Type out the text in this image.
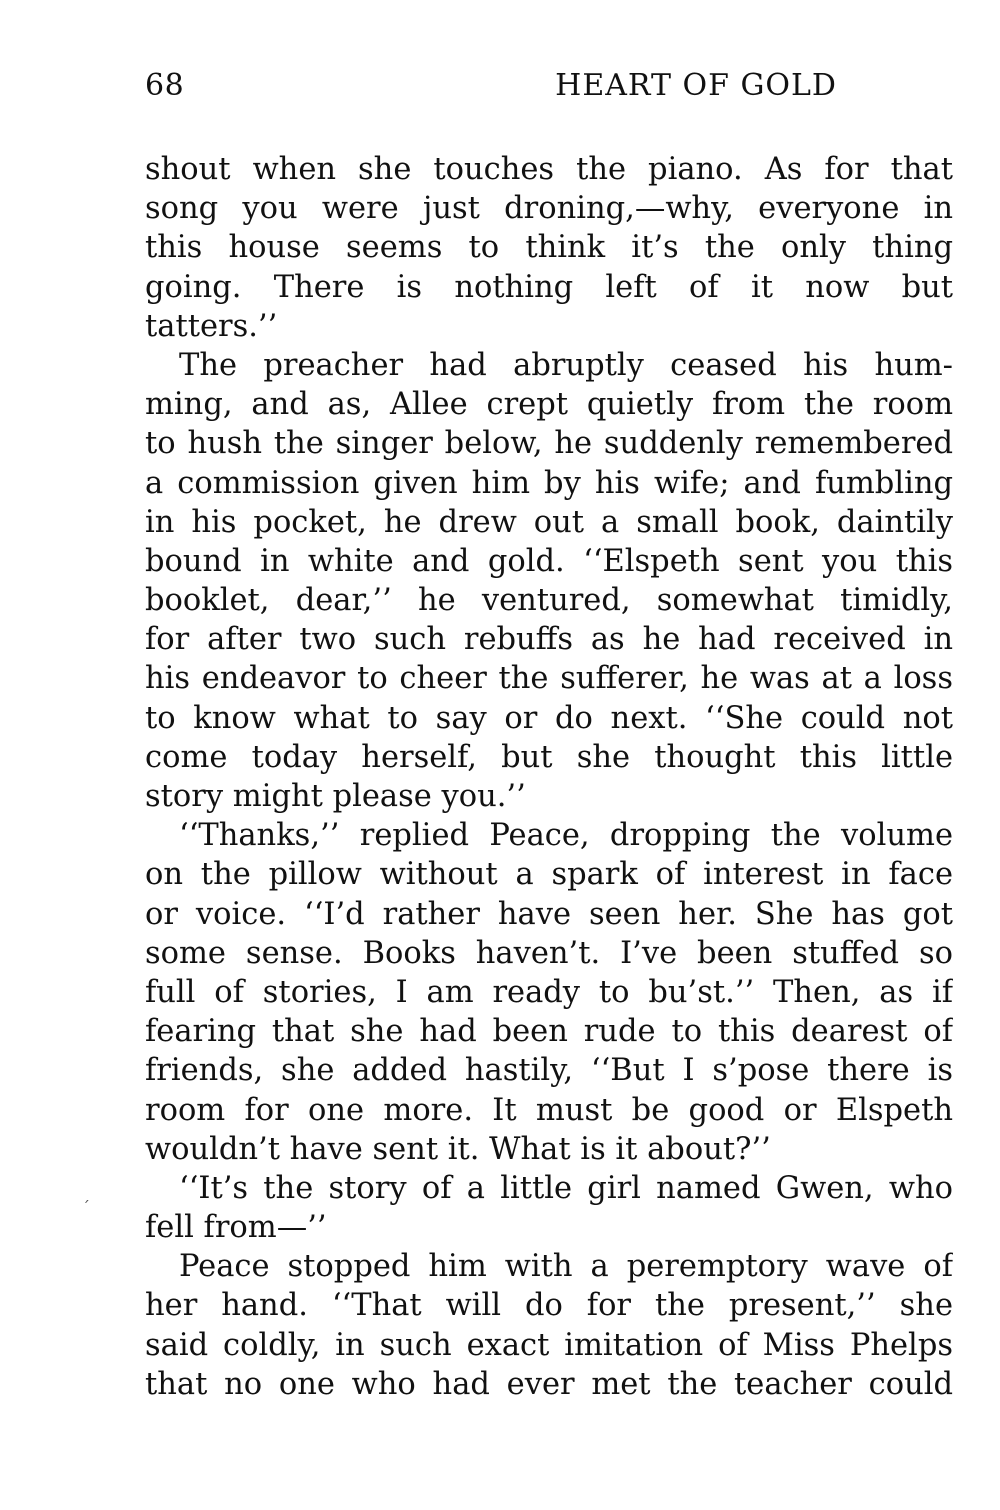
68	HEART OF GOLD
shout when she touches the piano. As for that
song you were just droning,—why, everyone in
this house seems to think it’s the only thing
going. There is nothing left of it now but
tatters.’’
The preacher had abruptly ceased his hum-
ming, and as, Allee crept quietly from the room
to hush the singer below, he suddenly remembered
a commission given him by his wife; and fumbling
in his pocket, he drew out a small book, daintily
bound in white and gold. ‘‘Elspeth sent you this
booklet, dear,’’ he ventured, somewhat timidly,
for after two such rebuffs as he had received in
his endeavor to cheer the sufferer, he was at a loss
to know what to say or do next. ‘‘She could not
come today herself, but she thought this little
story might please you.’’
‘‘Thanks,’’ replied Peace, dropping the volume
on the pillow without a spark of interest in face
or voice. ‘‘I’d rather have seen her. She has got
some sense. Books haven’t. I’ve been stuffed so
full of stories, I am ready to bu’st.’’ Then, as if
fearing that she had been rude to this dearest of
friends, she added hastily, ‘‘But I s’pose there is
room for one more. It must be good or Elspeth
wouldn’t have sent it. What is it about?’’
‘‘It’s the story of a little girl named Gwen, who
fell from—’’
Peace stopped him with a peremptory wave of
her hand. ‘‘That will do for the present,’’ she
said coldly, in such exact imitation of Miss Phelps
that no one who had ever met the teacher could
ˊ
